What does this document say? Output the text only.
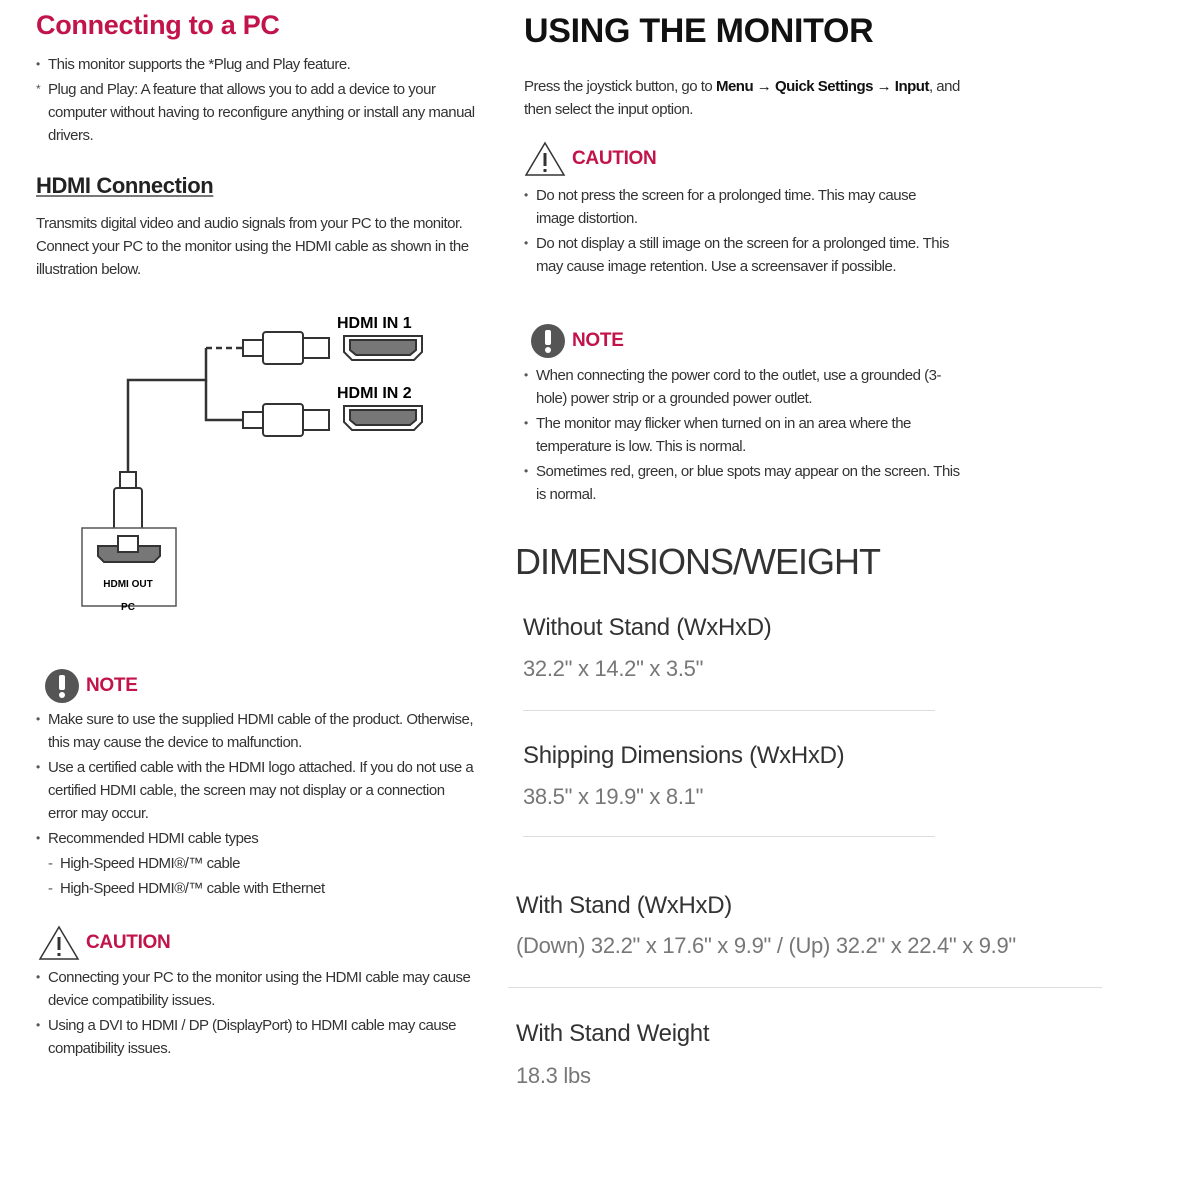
Connecting to a PC
• This monitor supports the *Plug and Play feature.
* Plug and Play: A feature that allows you to add a device to your computer without having to reconfigure anything or install any manual drivers.
HDMI Connection
Transmits digital video and audio signals from your PC to the monitor. Connect your PC to the monitor using the HDMI cable as shown in the illustration below.
HDMI IN 1
HDMI IN 2
HDMI OUT
PC
NOTE
• Make sure to use the supplied HDMI cable of the product. Otherwise, this may cause the device to malfunction.
• Use a certified cable with the HDMI logo attached. If you do not use a certified HDMI cable, the screen may not display or a connection error may occur.
• Recommended HDMI cable types
- High-Speed HDMI®/™ cable
- High-Speed HDMI®/™ cable with Ethernet
CAUTION
• Connecting your PC to the monitor using the HDMI cable may cause device compatibility issues.
• Using a DVI to HDMI / DP (DisplayPort) to HDMI cable may cause compatibility issues.
USING THE MONITOR
Press the joystick button, go to Menu → Quick Settings → Input, and then select the input option.
CAUTION
• Do not press the screen for a prolonged time. This may cause image distortion.
• Do not display a still image on the screen for a prolonged time. This may cause image retention. Use a screensaver if possible.
NOTE
• When connecting the power cord to the outlet, use a grounded (3-hole) power strip or a grounded power outlet.
• The monitor may flicker when turned on in an area where the temperature is low. This is normal.
• Sometimes red, green, or blue spots may appear on the screen. This is normal.
DIMENSIONS/WEIGHT
Without Stand (WxHxD)
32.2" x 14.2" x 3.5"
Shipping Dimensions (WxHxD)
38.5" x 19.9" x 8.1"
With Stand (WxHxD)
(Down) 32.2" x 17.6" x 9.9" / (Up) 32.2" x 22.4" x 9.9"
With Stand Weight
18.3 lbs
